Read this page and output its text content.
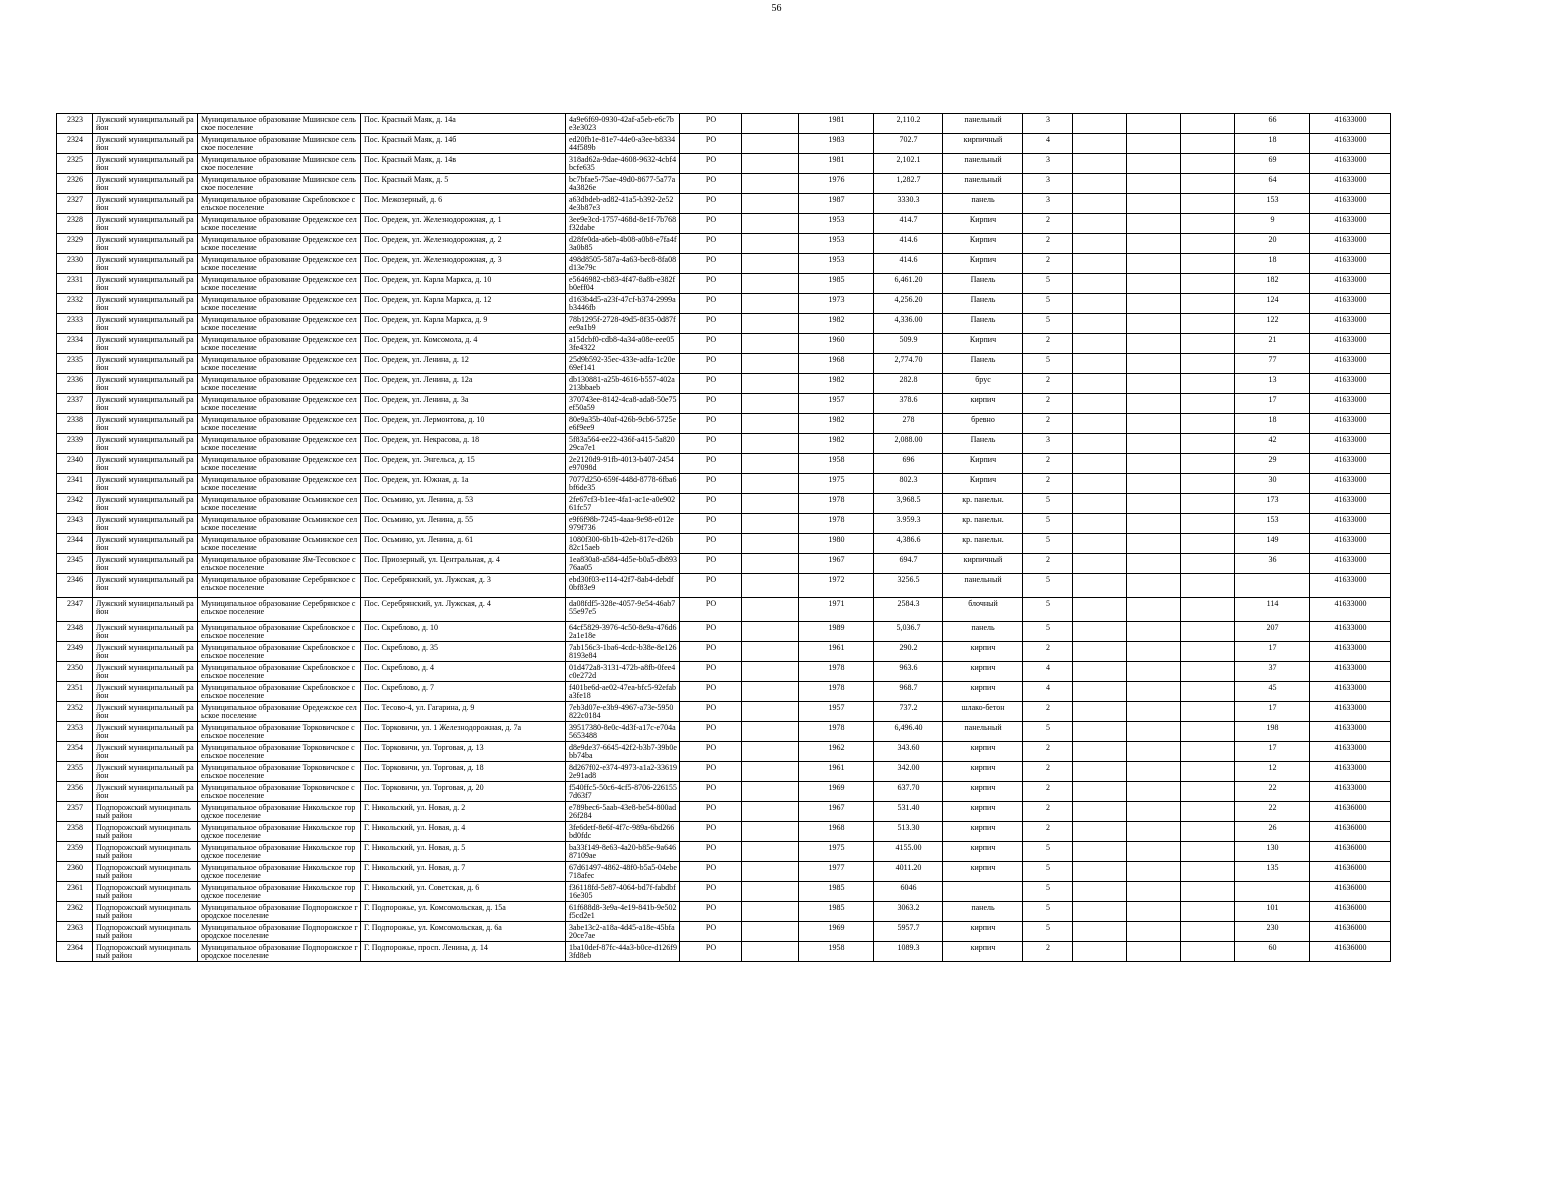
56
2323	Лужский муниципальный район	Муниципальное образование Мшинское сельское поселение	Пос. Красный Маяк, д. 14а	4a9e6f69-0930-42af-a5eb-e6c7be3e3023	РО		1981	2,110.2	панельный	3				66	41633000
2324	Лужский муниципальный район	Муниципальное образование Мшинское сельское поселение	Пос. Красный Маяк, д. 14б	ed20fb1e-81e7-44e0-a3ee-b833444f589b	РО		1983	702.7	кирпичный	4				18	41633000
2325	Лужский муниципальный район	Муниципальное образование Мшинское сельское поселение	Пос. Красный Маяк, д. 14в	318ad62a-9dae-4608-9632-4cbf4bcfe635	РО		1981	2,102.1	панельный	3				69	41633000
2326	Лужский муниципальный район	Муниципальное образование Мшинское сельское поселение	Пос. Красный Маяк, д. 5	bc7bfae5-75ae-49d0-8677-5a77a4a3826e	РО		1976	1,282.7	панельный	3				64	41633000
2327	Лужский муниципальный район	Муниципальное образование Скребловское сельское поселение	Пос. Межозерный, д. 6	a63dbdeb-ad82-41a5-b392-2e524e3b87e3	РО		1987	3330.3	панель	3				153	41633000
2328	Лужский муниципальный район	Муниципальное образование Оредежское сельское поселение	Пос. Оредеж, ул. Железнодорожная, д. 1	3ee9e3cd-1757-468d-8e1f-7b768f32dabe	РО		1953	414.7	Кирпич	2				9	41633000
2329	Лужский муниципальный район	Муниципальное образование Оредежское сельское поселение	Пос. Оредеж, ул. Железнодорожная, д. 2	d28fe0da-a6eb-4b08-a0b8-e7fa4f3a0b85	РО		1953	414.6	Кирпич	2				20	41633000
2330	Лужский муниципальный район	Муниципальное образование Оредежское сельское поселение	Пос. Оредеж, ул. Железнодорожная, д. 3	498d8505-587a-4a63-bec8-8fa08d13e79c	РО		1953	414.6	Кирпич	2				18	41633000
2331	Лужский муниципальный район	Муниципальное образование Оредежское сельское поселение	Пос. Оредеж, ул. Карла Маркса, д. 10	e5646982-cb83-4f47-8a8b-e382fb0eff04	РО		1985	6,461.20	Панель	5				182	41633000
2332	Лужский муниципальный район	Муниципальное образование Оредежское сельское поселение	Пос. Оредеж, ул. Карла Маркса, д. 12	d163b4d5-a23f-47cf-b374-2999ab3446fb	РО		1973	4,256.20	Панель	5				124	41633000
2333	Лужский муниципальный район	Муниципальное образование Оредежское сельское поселение	Пос. Оредеж, ул. Карла Маркса, д. 9	78b1295f-2728-49d5-8f35-0d87fee9a1b9	РО		1982	4,336.00	Панель	5				122	41633000
2334	Лужский муниципальный район	Муниципальное образование Оредежское сельское поселение	Пос. Оредеж, ул. Комсомола, д. 4	a15dcbf0-cdb8-4a34-a08e-eee053fe4322	РО		1960	509.9	Кирпич	2				21	41633000
2335	Лужский муниципальный район	Муниципальное образование Оредежское сельское поселение	Пос. Оредеж, ул. Ленина, д. 12	25d9b592-35ec-433e-adfa-1c20e69ef141	РО		1968	2,774.70	Панель	5				77	41633000
2336	Лужский муниципальный район	Муниципальное образование Оредежское сельское поселение	Пос. Оредеж, ул. Ленина, д. 12а	db130881-a25b-4616-b557-402a213bbaeb	РО		1982	282.8	брус	2				13	41633000
2337	Лужский муниципальный район	Муниципальное образование Оредежское сельское поселение	Пос. Оредеж, ул. Ленина, д. 3а	370743ee-8142-4ca8-ada8-50e75ef50a59	РО		1957	378.6	кирпич	2				17	41633000
2338	Лужский муниципальный район	Муниципальное образование Оредежское сельское поселение	Пос. Оредеж, ул. Лермонтова, д. 10	80e9a35b-40af-426b-9cb6-5725ee6f9ee9	РО		1982	278	бревно	2				18	41633000
2339	Лужский муниципальный район	Муниципальное образование Оредежское сельское поселение	Пос. Оредеж, ул. Некрасова, д. 18	5f83a564-ee22-436f-a415-5a82029ca7e1	РО		1982	2,088.00	Панель	3				42	41633000
2340	Лужский муниципальный район	Муниципальное образование Оредежское сельское поселение	Пос. Оредеж, ул. Энгельса, д. 15	2e2120d9-91fb-4013-b407-2454e97098d	РО		1958	696	Кирпич	2				29	41633000
2341	Лужский муниципальный район	Муниципальное образование Оредежское сельское поселение	Пос. Оредеж, ул. Южная, д. 1а	7077d250-659f-448d-8778-6fba6bf6de35	РО		1975	802.3	Кирпич	2				30	41633000
2342	Лужский муниципальный район	Муниципальное образование Осьминское сельское поселение	Пос. Осьмино, ул. Ленина, д. 53	2fe67cf3-b1ee-4fa1-ac1e-a0e90261fc57	РО		1978	3,968.5	кр. панельн.	5				173	41633000
2343	Лужский муниципальный район	Муниципальное образование Осьминское сельское поселение	Пос. Осьмино, ул. Ленина, д. 55	e9f6f98b-7245-4aaa-9e98-e012e979f736	РО		1978	3.959.3	кр. панельн.	5				153	41633000
2344	Лужский муниципальный район	Муниципальное образование Осьминское сельское поселение	Пос. Осьмино, ул. Ленина, д. 61	1080f300-6b1b-42eb-817e-d26b82c15aeb	РО		1980	4,386.6	кр. панельн.	5				149	41633000
2345	Лужский муниципальный район	Муниципальное образование Ям-Тесовское сельское поселение	Пос. Приозерный, ул. Центральная, д. 4	1ea830a8-a584-4d5e-b0a5-db89376aa05	РО		1967	694.7	кирпичный	2				36	41633000
2346	Лужский муниципальный район	Муниципальное образование Серебрянское сельское поселение	Пос. Серебрянский, ул. Лужская, д. 3	ebd30f03-e114-42f7-8ab4-debdf0bf83e9	РО		1972	3256.5	панельный	5					41633000
2347	Лужский муниципальный район	Муниципальное образование Серебрянское сельское поселение	Пос. Серебрянский, ул. Лужская, д. 4	da08fdf5-328e-4057-9e54-46ab755e97e5	РО		1971	2584.3	блочный	5				114	41633000
2348	Лужский муниципальный район	Муниципальное образование Скребловское сельское поселение	Пос. Скреблово, д. 10	64cf5829-3976-4c50-8e9a-476d62a1e18e	РО		1989	5,036.7	панель	5				207	41633000
2349	Лужский муниципальный район	Муниципальное образование Скребловское сельское поселение	Пос. Скреблово, д. 35	7ab156c3-1ba6-4cdc-b38e-8e1268193e84	РО		1961	290.2	кирпич	2				17	41633000
2350	Лужский муниципальный район	Муниципальное образование Скребловское сельское поселение	Пос. Скреблово, д. 4	01d472a8-3131-472b-a8fb-0fee4c0e272d	РО		1978	963.6	кирпич	4				37	41633000
2351	Лужский муниципальный район	Муниципальное образование Скребловское сельское поселение	Пос. Скреблово, д. 7	f401be6d-ae02-47ea-bfc5-92efaba3fe18	РО		1978	968.7	кирпич	4				45	41633000
2352	Лужский муниципальный район	Муниципальное образование Оредежское сельское поселение	Пос. Тесово-4, ул. Гагарина, д. 9	7eb3d07e-e3b9-4967-a73e-5950822c0184	РО		1957	737.2	шлако-бетон	2				17	41633000
2353	Лужский муниципальный район	Муниципальное образование Торковичское сельское поселение	Пос. Торковичи, ул. 1 Железнодорожная, д. 7а	39517380-8e0c-4d3f-a17c-e704a5653488	РО		1978	6,496.40	панельный	5				198	41633000
2354	Лужский муниципальный район	Муниципальное образование Торковичское сельское поселение	Пос. Торковичи, ул. Торговая, д. 13	d8e9de37-6645-42f2-b3b7-39b0ebb74ba	РО		1962	343.60	кирпич	2				17	41633000
2355	Лужский муниципальный район	Муниципальное образование Торковичское сельское поселение	Пос. Торковичи, ул. Торговая, д. 18	8d267f02-e374-4973-a1a2-336192e91ad8	РО		1961	342.00	кирпич	2				12	41633000
2356	Лужский муниципальный район	Муниципальное образование Торковичское сельское поселение	Пос. Торковичи, ул. Торговая, д. 20	f540ffc5-50c6-4cf5-8706-2261557d63f7	РО		1969	637.70	кирпич	2				22	41633000
2357	Подпорожский муниципальный район	Муниципальное образование Никольское городское поселение	Г. Никольский, ул. Новая, д. 2	e789bec6-5aab-43e8-be54-800ad26f284	РО		1967	531.40	кирпич	2				22	41636000
2358	Подпорожский муниципальный район	Муниципальное образование Никольское городское поселение	Г. Никольский, ул. Новая, д. 4	3fe6detf-8e6f-4f7c-989a-6bd266bd0fdc	РО		1968	513.30	кирпич	2				26	41636000
2359	Подпорожский муниципальный район	Муниципальное образование Никольское городское поселение	Г. Никольский, ул. Новая, д. 5	ba33f149-8e63-4a20-b85e-9a64687109ae	РО		1975	4155.00	кирпич	5				130	41636000
2360	Подпорожский муниципальный район	Муниципальное образование Никольское городское поселение	Г. Никольский, ул. Новая, д. 7	67d61497-4862-48f0-b5a5-04ebe718afec	РО		1977	4011.20	кирпич	5				135	41636000
2361	Подпорожский муниципальный район	Муниципальное образование Никольское городское поселение	Г. Никольский, ул. Советская, д. 6	f36118fd-5e87-4064-bd7f-fabdbf16e305	РО		1985	6046		5					41636000
2362	Подпорожский муниципальный район	Муниципальное образование Подпорожское городское поселение	Г. Подпорожье, ул. Комсомольская, д. 15а	61f688d8-3e9a-4e19-841b-9e502f5cd2e1	РО		1985	3063.2	панель	5				101	41636000
2363	Подпорожский муниципальный район	Муниципальное образование Подпорожское городское поселение	Г. Подпорожье, ул. Комсомольская, д. 6а	3abe13c2-a18a-4d45-a18e-45bfa20ce7ae	РО		1969	5957.7	кирпич	5				230	41636000
2364	Подпорожский муниципальный район	Муниципальное образование Подпорожское городское поселение	Г. Подпорожье, просп. Ленина, д. 14	1ba10def-87fc-44a3-b0ce-d126f93fd8eb	РО		1958	1089.3	кирпич	2				60	41636000
